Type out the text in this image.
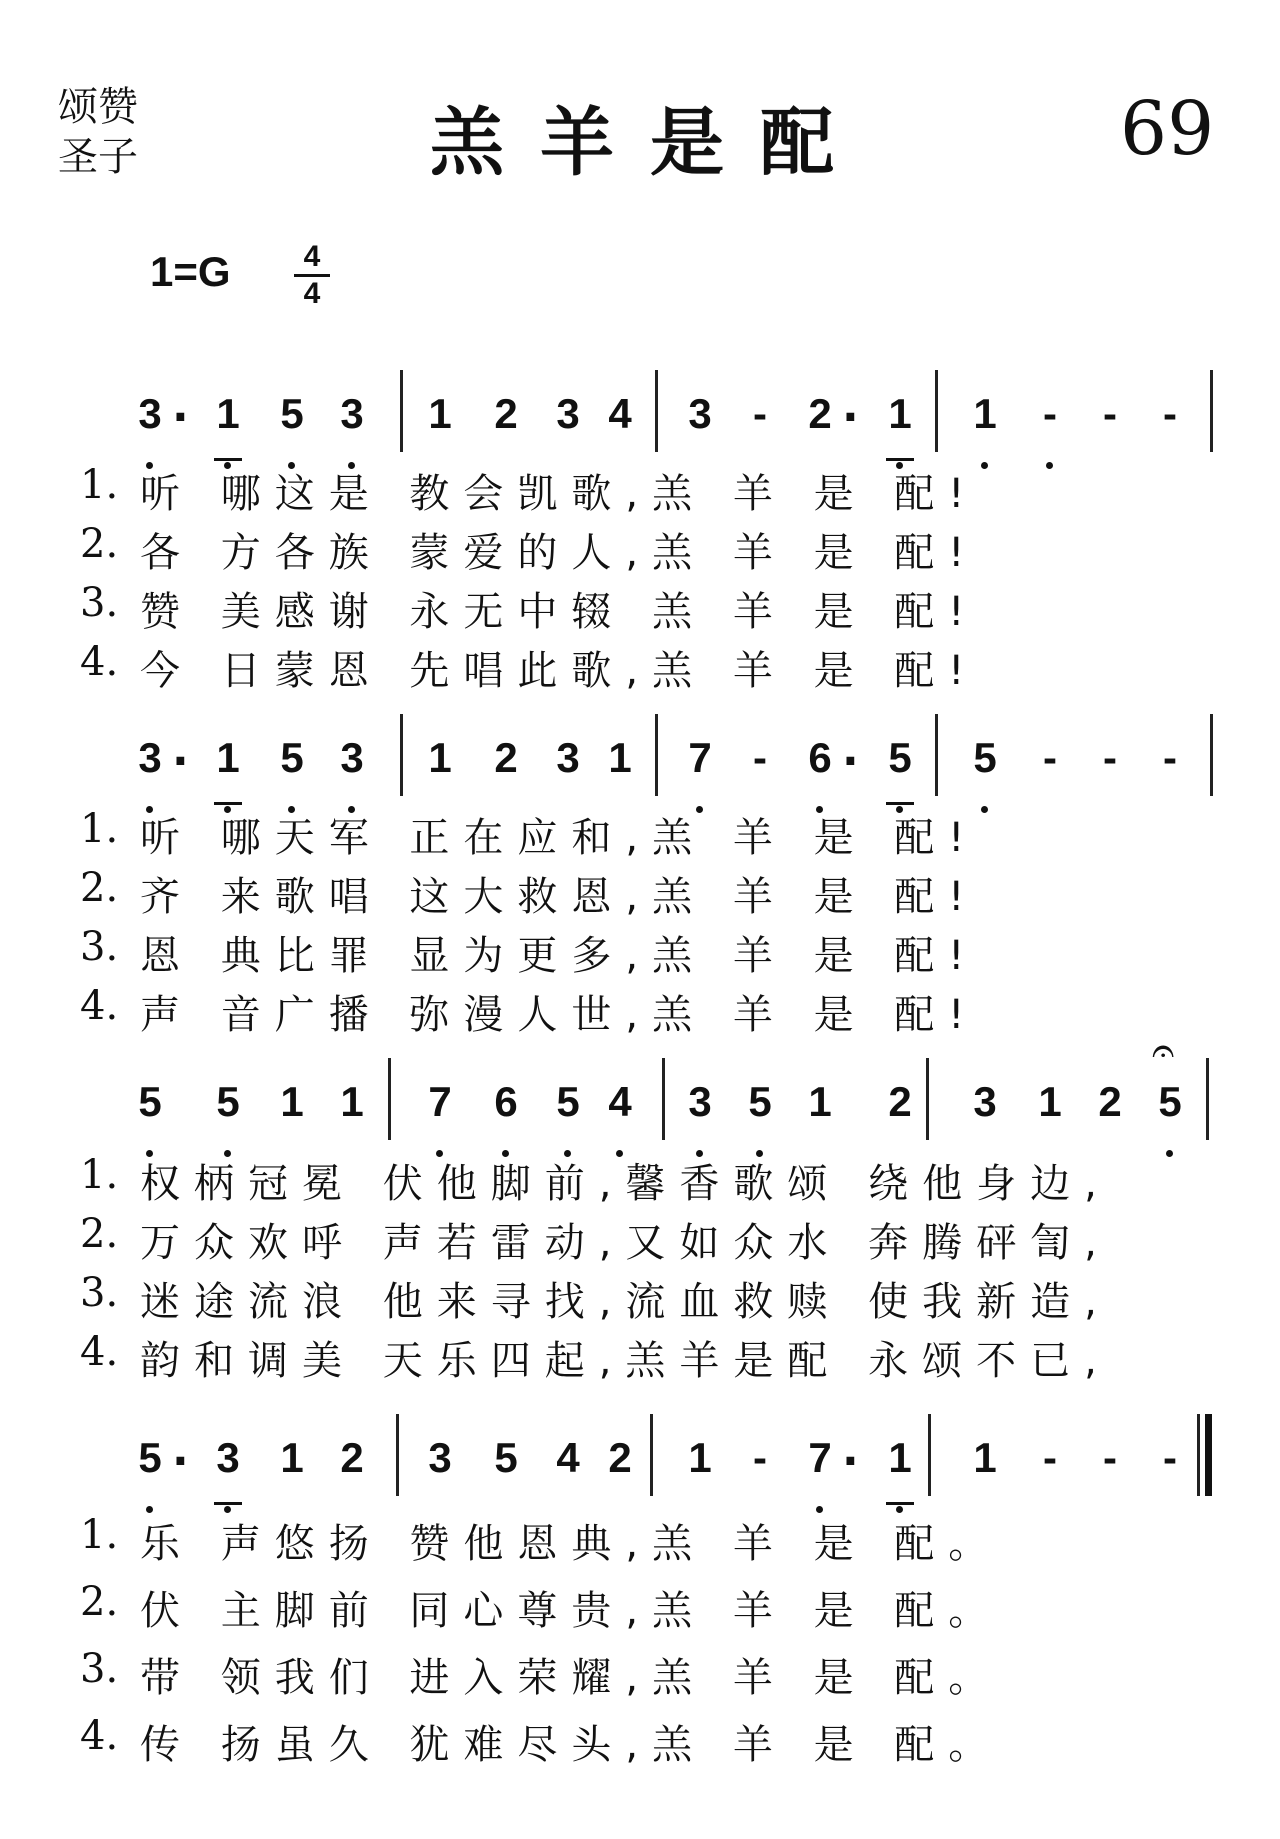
颂赞
圣子	羔羊是配	69
1=G	4
4
3 · 1 5 3 1 2 3 4 3 - 2 · 1 1	-	-	-
1. 听 哪这是 教会凯歌,羔 羊 是 配!
2. 各 方各族 蒙爱的人,羔 羊 是 配!
3. 赞 美感谢 永无中辍 羔 羊 是 配!
4. 今 日蒙恩 先唱此歌,羔 羊 是 配!
3 · 1 5 3 1 2 3 1 7 - 6 · 5 5	-	-	-
1. 听 哪天军 正在应和,羔 羊 是 配!
2. 齐 来歌唱 这大救恩,羔 羊 是 配!
3. 恩 典比罪 显为更多,羔 羊 是 配!
4. 声 音广播 弥漫人世,羔 羊 是 配!
5 5 1 1 7 6 5 4 3 5 1 2 3 1 2 5
𝄐
1. 权柄冠冕 伏他脚前,馨香歌颂 绕他身边,
2. 万众欢呼 声若雷动,又如众水 奔腾砰訇,
3. 迷途流浪 他来寻找,流血救赎 使我新造,
4. 韵和调美 天乐四起,羔羊是配 永颂不已,
5 · 3 1 2 3 5 4 2 1 - 7 · 1 1	-	-	-
1. 乐 声悠扬 赞他恩典,羔 羊 是 配。
2. 伏 主脚前 同心尊贵,羔 羊 是 配。
3. 带 领我们 进入荣耀,羔 羊 是 配。
4. 传 扬虽久 犹难尽头,羔 羊 是 配。
